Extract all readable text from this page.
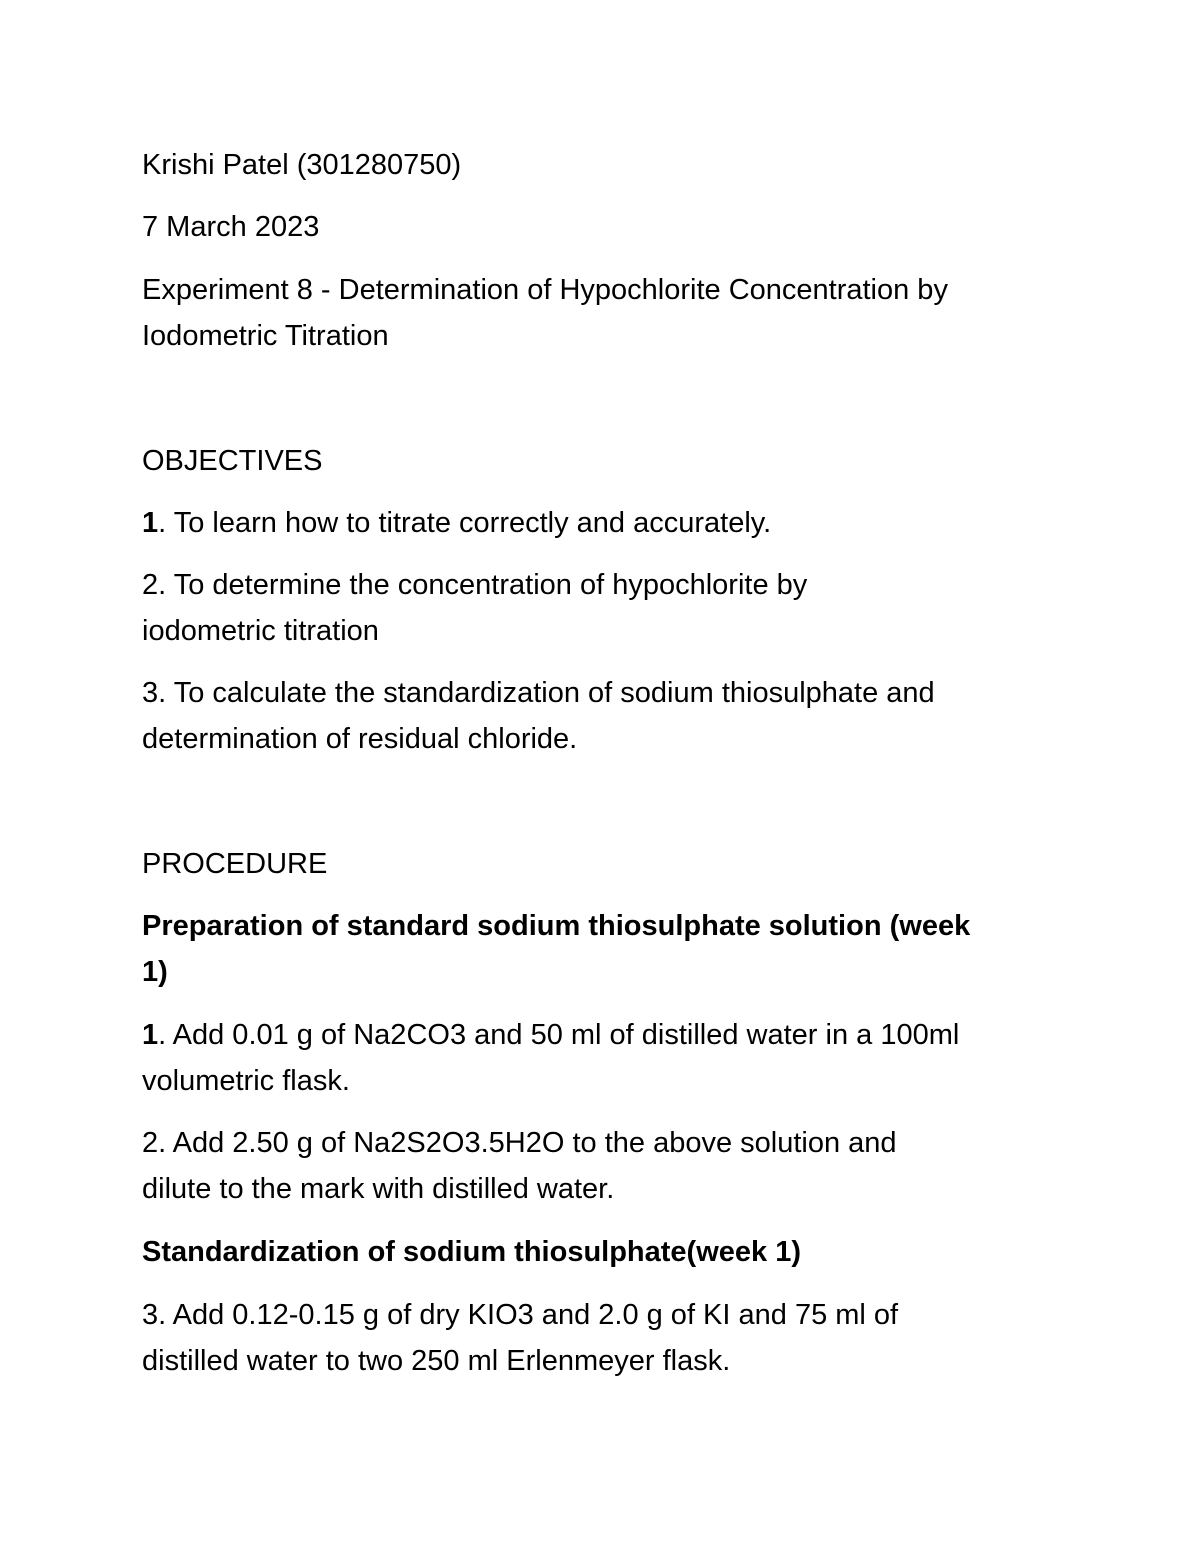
Krishi Patel (301280750)

7 March 2023

Experiment 8 - Determination of Hypochlorite Concentration by

Iodometric Titration

OBJECTIVES

1. To learn how to titrate correctly and accurately.

2. To determine the concentration of hypochlorite by

iodometric titration

3. To calculate the standardization of sodium thiosulphate and

determination of residual chloride.

PROCEDURE

Preparation of standard sodium thiosulphate solution (week

1)

1. Add 0.01 g of Na2CO3 and 50 ml of distilled water in a 100ml

volumetric flask.

2. Add 2.50 g of Na2S2O3.5H2O to the above solution and

dilute to the mark with distilled water.

Standardization of sodium thiosulphate(week 1)

3. Add 0.12-0.15 g of dry KIO3 and 2.0 g of KI and 75 ml of

distilled water to two 250 ml Erlenmeyer flask.
